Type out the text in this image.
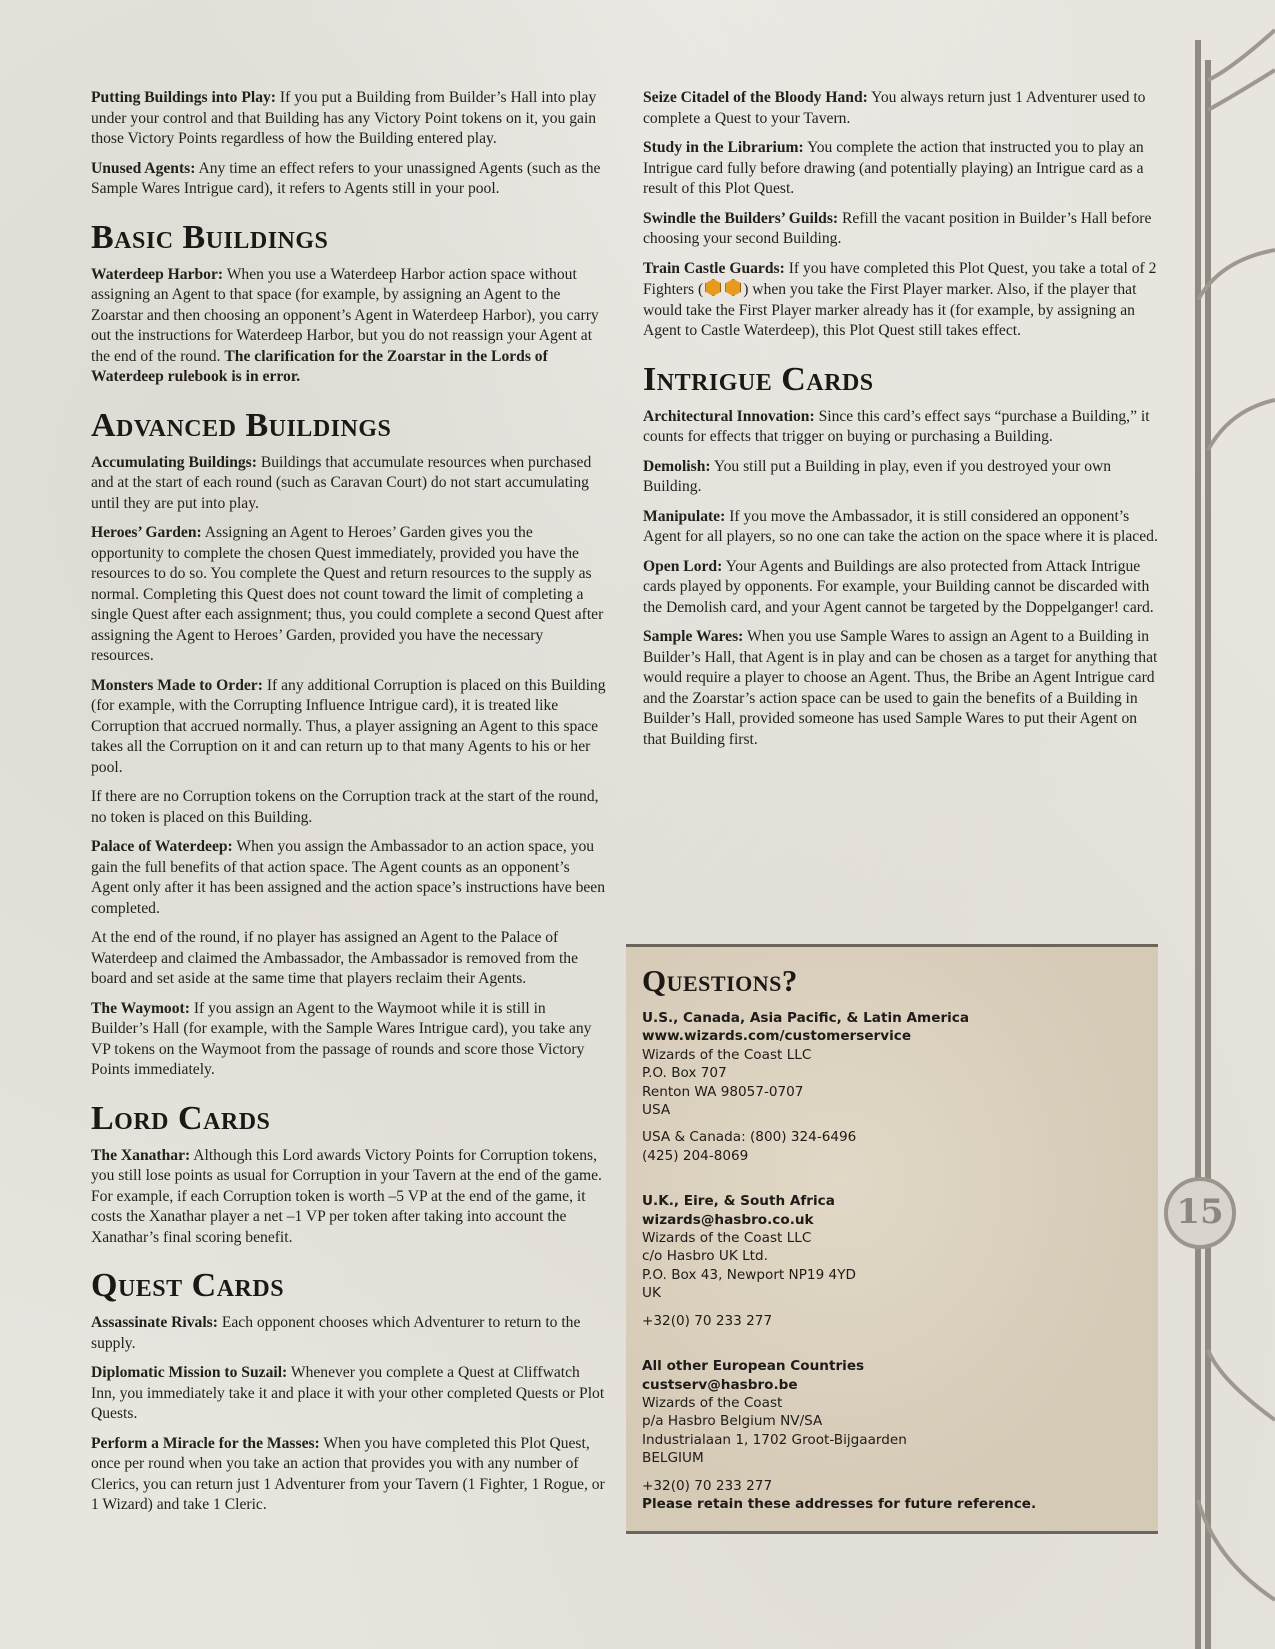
Putting Buildings into Play: If you put a Building from Builder’s Hall into play under your control and that Building has any Victory Point tokens on it, you gain those Victory Points regardless of how the Building entered play.

Unused Agents: Any time an effect refers to your unassigned Agents (such as the Sample Wares Intrigue card), it refers to Agents still in your pool.

Basic Buildings

Waterdeep Harbor: When you use a Waterdeep Harbor action space without assigning an Agent to that space (for example, by assigning an Agent to the Zoarstar and then choosing an opponent’s Agent in Waterdeep Harbor), you carry out the instructions for Waterdeep Harbor, but you do not reassign your Agent at the end of the round. The clarification for the Zoarstar in the Lords of Waterdeep rulebook is in error.

Advanced Buildings

Accumulating Buildings: Buildings that accumulate resources when purchased and at the start of each round (such as Caravan Court) do not start accumulating until they are put into play.

Heroes’ Garden: Assigning an Agent to Heroes’ Garden gives you the opportunity to complete the chosen Quest immediately, provided you have the resources to do so. You complete the Quest and return resources to the supply as normal. Completing this Quest does not count toward the limit of completing a single Quest after each assignment; thus, you could complete a second Quest after assigning the Agent to Heroes’ Garden, provided you have the necessary resources.

Monsters Made to Order: If any additional Corruption is placed on this Building (for example, with the Corrupting Influence Intrigue card), it is treated like Corruption that accrued normally. Thus, a player assigning an Agent to this space takes all the Corruption on it and can return up to that many Agents to his or her pool.

If there are no Corruption tokens on the Corruption track at the start of the round, no token is placed on this Building.

Palace of Waterdeep: When you assign the Ambassador to an action space, you gain the full benefits of that action space. The Agent counts as an opponent’s Agent only after it has been assigned and the action space’s instructions have been completed.

At the end of the round, if no player has assigned an Agent to the Palace of Waterdeep and claimed the Ambassador, the Ambassador is removed from the board and set aside at the same time that players reclaim their Agents.

The Waymoot: If you assign an Agent to the Waymoot while it is still in Builder’s Hall (for example, with the Sample Wares Intrigue card), you take any VP tokens on the Waymoot from the passage of rounds and score those Victory Points immediately.

Lord Cards

The Xanathar: Although this Lord awards Victory Points for Corruption tokens, you still lose points as usual for Corruption in your Tavern at the end of the game. For example, if each Corruption token is worth –5 VP at the end of the game, it costs the Xanathar player a net –1 VP per token after taking into account the Xanathar’s final scoring benefit.

Quest Cards

Assassinate Rivals: Each opponent chooses which Adventurer to return to the supply.

Diplomatic Mission to Suzail: Whenever you complete a Quest at Cliffwatch Inn, you immediately take it and place it with your other completed Quests or Plot Quests.

Perform a Miracle for the Masses: When you have completed this Plot Quest, once per round when you take an action that provides you with any number of Clerics, you can return just 1 Adventurer from your Tavern (1 Fighter, 1 Rogue, or 1 Wizard) and take 1 Cleric.

Seize Citadel of the Bloody Hand: You always return just 1 Adventurer used to complete a Quest to your Tavern.

Study in the Librarium: You complete the action that instructed you to play an Intrigue card fully before drawing (and potentially playing) an Intrigue card as a result of this Plot Quest.

Swindle the Builders’ Guilds: Refill the vacant position in Builder’s Hall before choosing your second Building.

Train Castle Guards: If you have completed this Plot Quest, you take a total of 2 Fighters (	) when you take the First Player marker. Also, if the player that would take the First Player marker already has it (for example, by assigning an Agent to Castle Waterdeep), this Plot Quest still takes effect.

Intrigue Cards

Architectural Innovation: Since this card’s effect says “purchase a Building,” it counts for effects that trigger on buying or purchasing a Building.

Demolish: You still put a Building in play, even if you destroyed your own Building.

Manipulate: If you move the Ambassador, it is still considered an opponent’s Agent for all players, so no one can take the action on the space where it is placed.

Open Lord: Your Agents and Buildings are also protected from Attack Intrigue cards played by opponents. For example, your Building cannot be discarded with the Demolish card, and your Agent cannot be targeted by the Doppelganger! card.

Sample Wares: When you use Sample Wares to assign an Agent to a Building in Builder’s Hall, that Agent is in play and can be chosen as a target for anything that would require a player to choose an Agent. Thus, the Bribe an Agent Intrigue card and the Zoarstar’s action space can be used to gain the benefits of a Building in Builder’s Hall, provided someone has used Sample Wares to put their Agent on that Building first.

Questions?
U.S., Canada, Asia Pacific, & Latin America
www.wizards.com/customerservice
Wizards of the Coast LLC
P.O. Box 707
Renton WA 98057-0707
USA
USA & Canada: (800) 324-6496
(425) 204-8069
U.K., Eire, & South Africa
wizards@hasbro.co.uk
Wizards of the Coast LLC
c/o Hasbro UK Ltd.
P.O. Box 43, Newport NP19 4YD
UK
+32(0) 70 233 277
All other European Countries
custserv@hasbro.be
Wizards of the Coast
p/a Hasbro Belgium NV/SA
Industrialaan 1, 1702 Groot-Bijgaarden
BELGIUM
+32(0) 70 233 277
Please retain these addresses for future reference.
15
